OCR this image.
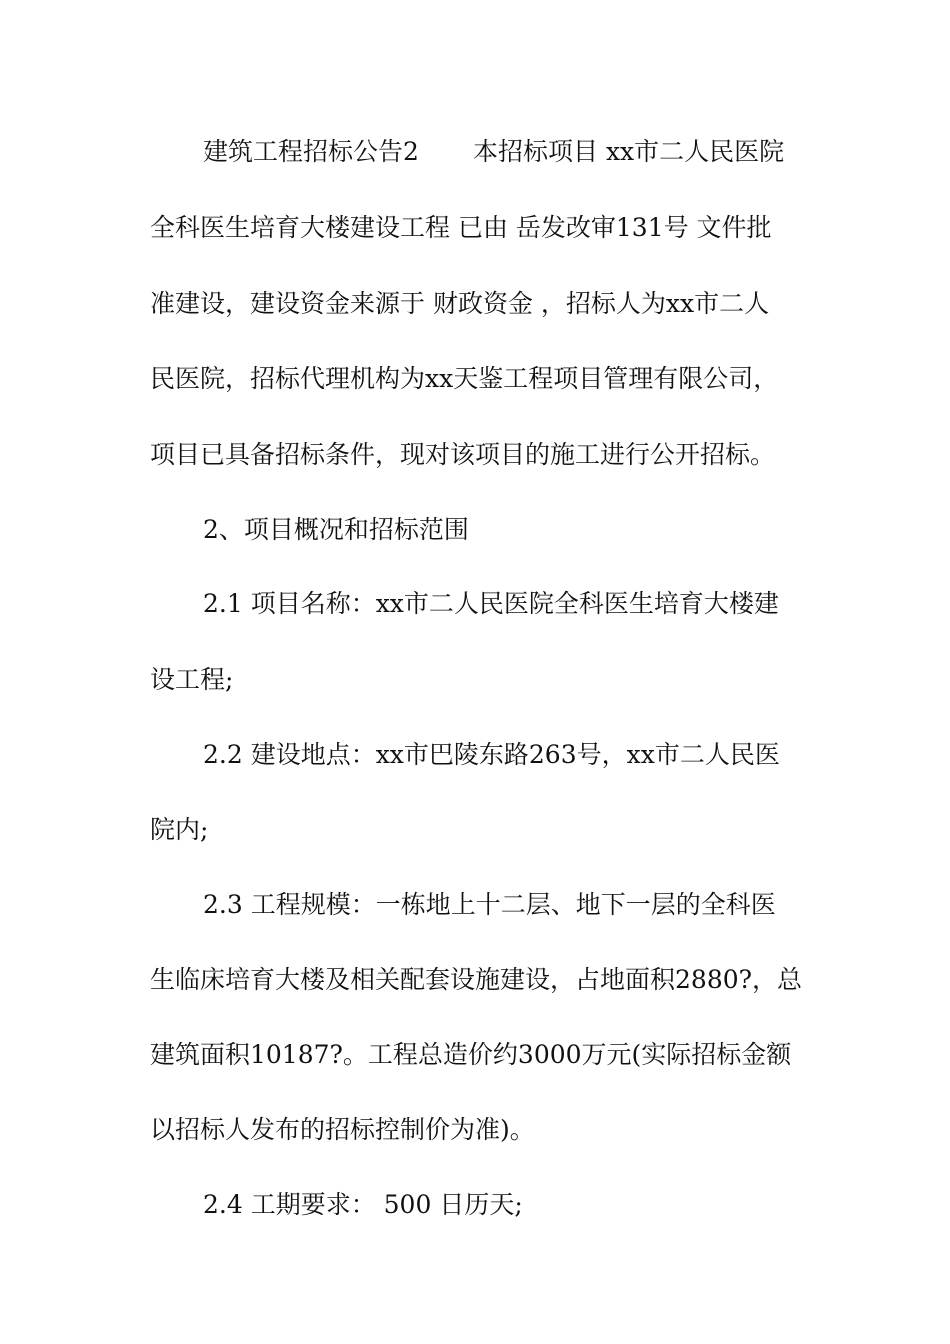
建筑工程招标公告2 本招标项目 xx市二人民医院
全科医生培育大楼建设工程 已由 岳发改审131号 文件批
准建设，建设资金来源于 财政资金 ，招标人为xx市二人
民医院，招标代理机构为xx天鉴工程项目管理有限公司，
项目已具备招标条件，现对该项目的施工进行公开招标。
2、项目概况和招标范围
2.1 项目名称：xx市二人民医院全科医生培育大楼建
设工程;
2.2 建设地点：xx市巴陵东路263号，xx市二人民医
院内;
2.3 工程规模：一栋地上十二层、地下一层的全科医
生临床培育大楼及相关配套设施建设，占地面积2880?，总
建筑面积10187?。工程总造价约3000万元(实际招标金额
以招标人发布的招标控制价为准)。
2.4 工期要求： 500 日历天;
